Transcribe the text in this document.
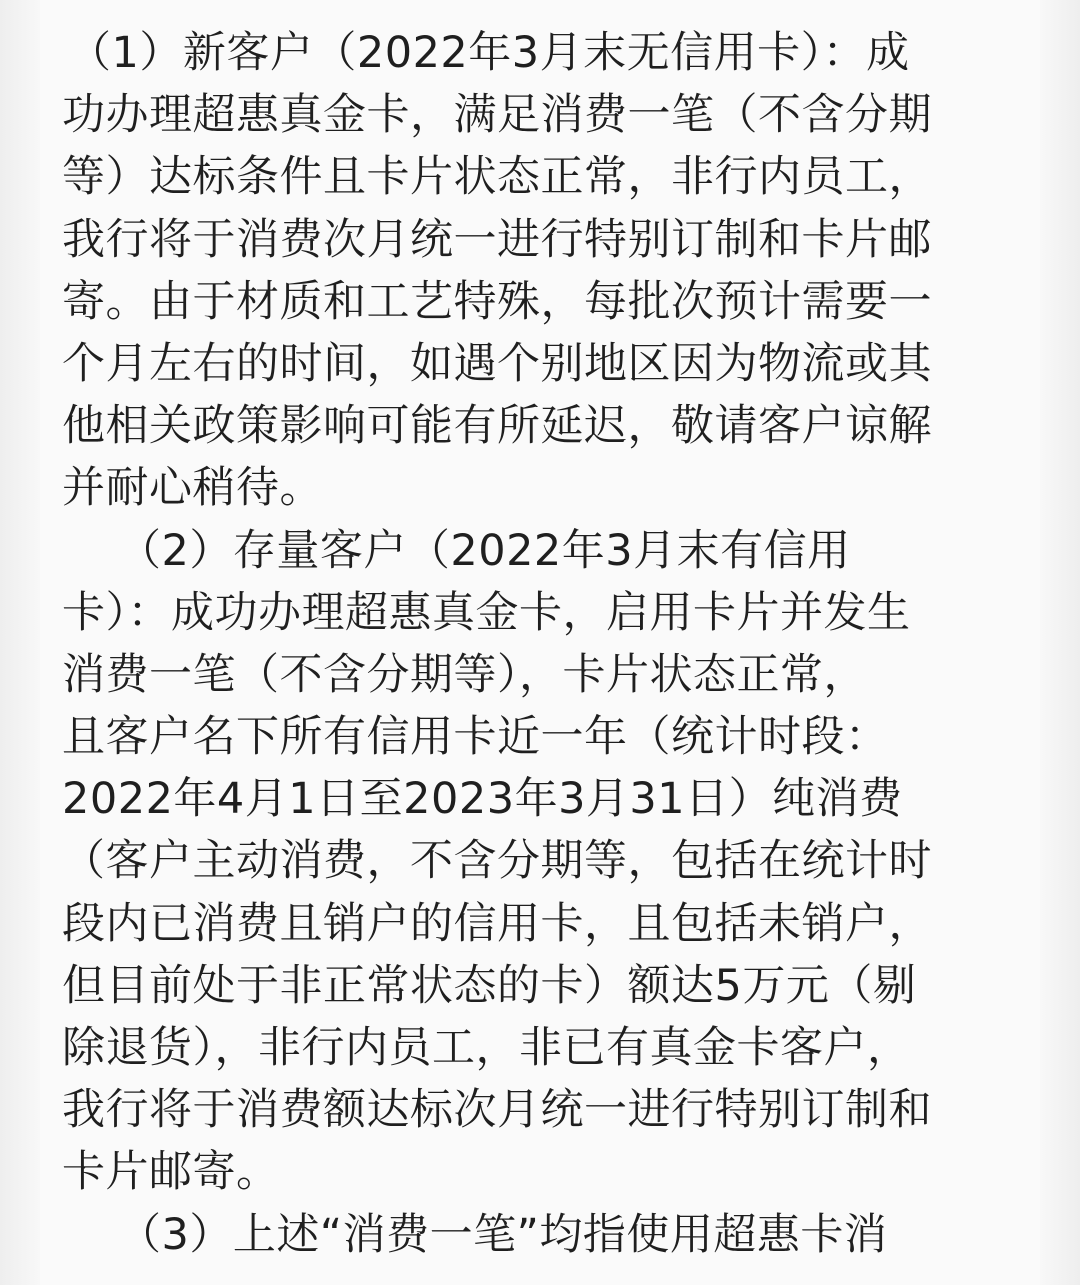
（1）新客户（2022年3月末无信用卡）：成
功办理超惠真金卡，满足消费一笔（不含分期
等）达标条件且卡片状态正常，非行内员工，
我行将于消费次月统一进行特别订制和卡片邮
寄。由于材质和工艺特殊，每批次预计需要一
个月左右的时间，如遇个别地区因为物流或其
他相关政策影响可能有所延迟，敬请客户谅解
并耐心稍待。
（2）存量客户（2022年3月末有信用
卡）：成功办理超惠真金卡，启用卡片并发生
消费一笔（不含分期等），卡片状态正常，
且客户名下所有信用卡近一年（统计时段：
2022年4月1日至2023年3月31日）纯消费
（客户主动消费，不含分期等，包括在统计时
段内已消费且销户的信用卡，且包括未销户，
但目前处于非正常状态的卡）额达5万元（剔
除退货），非行内员工，非已有真金卡客户，
我行将于消费额达标次月统一进行特别订制和
卡片邮寄。
（3）上述“消费一笔”均指使用超惠卡消
